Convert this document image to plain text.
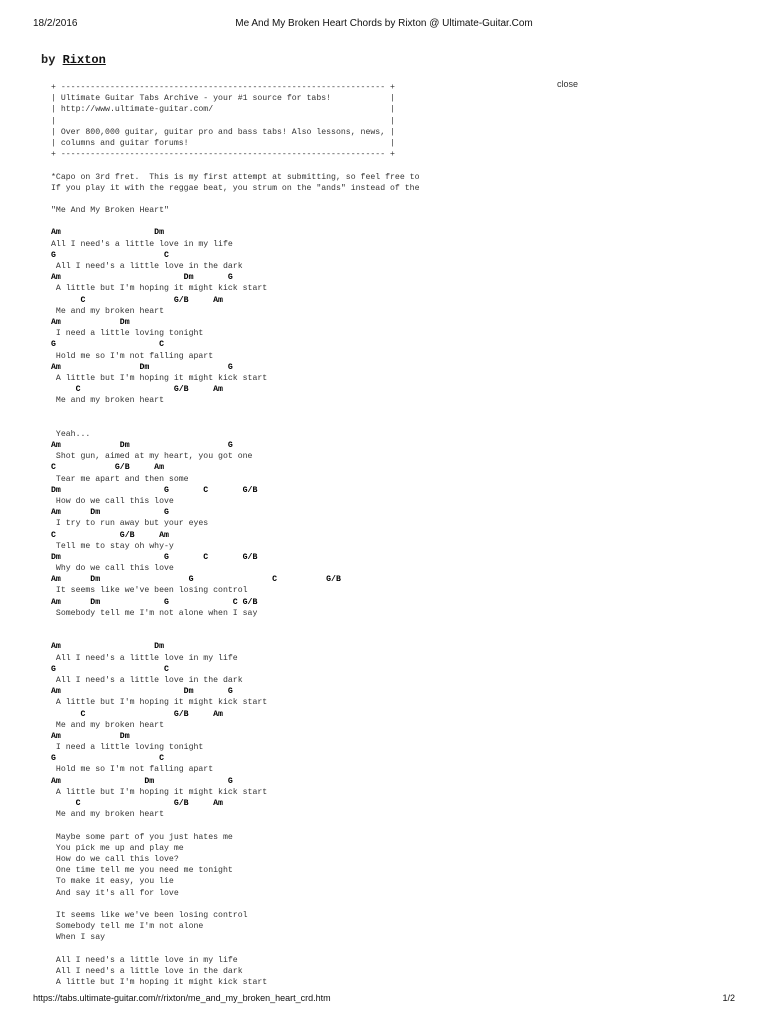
18/2/2016	Me And My Broken Heart Chords by Rixton @ Ultimate-Guitar.Com
by Rixton
close
+ ------------------------------------------------------------------ +
| Ultimate Guitar Tabs Archive - your #1 source for tabs!            |
| http://www.ultimate-guitar.com/                                    |
|                                                                    |
| Over 800,000 guitar, guitar pro and bass tabs! Also lessons, news, |
| columns and guitar forums!                                         |
+ ------------------------------------------------------------------ +
*Capo on 3rd fret.  This is my first attempt at submitting, so feel free to
If you play it with the reggae beat, you strum on the "ands" instead of the
"Me And My Broken Heart"
Am                   Dm
All I need's a little love in my life
G                      C
All I need's a little love in the dark
Am                         Dm       G
A little but I'm hoping it might kick start
C                  G/B     Am
Me and my broken heart
Am            Dm
I need a little loving tonight
G                     C
Hold me so I'm not falling apart
Am                Dm                G
A little but I'm hoping it might kick start
C                   G/B     Am
Me and my broken heart
Yeah...
Am            Dm                    G
Shot gun, aimed at my heart, you got one
C            G/B     Am
Tear me apart and then some
Dm                     G       C       G/B
How do we call this love
Am      Dm             G
I try to run away but your eyes
C             G/B     Am
Tell me to stay oh why-y
Dm                     G       C       G/B
Why do we call this love
Am      Dm                  G                C          G/B
It seems like we've been losing control
Am      Dm             G             C G/B
Somebody tell me I'm not alone when I say
Am                   Dm
All I need's a little love in my life
G                      C
All I need's a little love in the dark
Am                         Dm       G
A little but I'm hoping it might kick start
C                  G/B     Am
Me and my broken heart
Am            Dm
I need a little loving tonight
G                     C
Hold me so I'm not falling apart
Am                 Dm               G
A little but I'm hoping it might kick start
C                   G/B     Am
Me and my broken heart
Maybe some part of you just hates me
You pick me up and play me
How do we call this love?
One time tell me you need me tonight
To make it easy, you lie
And say it's all for love
It seems like we've been losing control
Somebody tell me I'm not alone
When I say
All I need's a little love in my life
All I need's a little love in the dark
A little but I'm hoping it might kick start
https://tabs.ultimate-guitar.com/r/rixton/me_and_my_broken_heart_crd.htm	1/2
